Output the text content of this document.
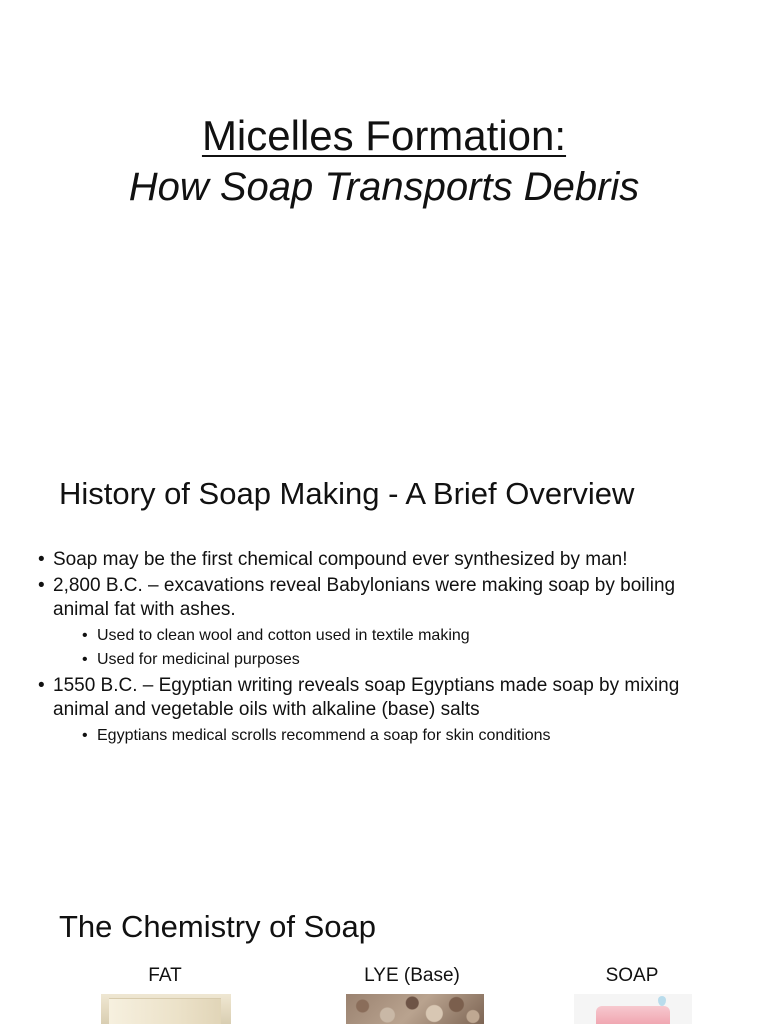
Micelles Formation:
How Soap Transports Debris
History of Soap Making - A Brief Overview
• Soap may be the first chemical compound ever synthesized by man!
• 2,800 B.C. – excavations reveal Babylonians were making soap by boiling animal fat with ashes.
• Used to clean wool and cotton used in textile making
• Used for medicinal purposes
• 1550 B.C. – Egyptian writing reveals soap Egyptians made soap by mixing animal and vegetable oils with alkaline (base) salts
• Egyptians medical scrolls recommend a soap for skin conditions
The Chemistry of Soap
FAT	LYE (Base)	SOAP
